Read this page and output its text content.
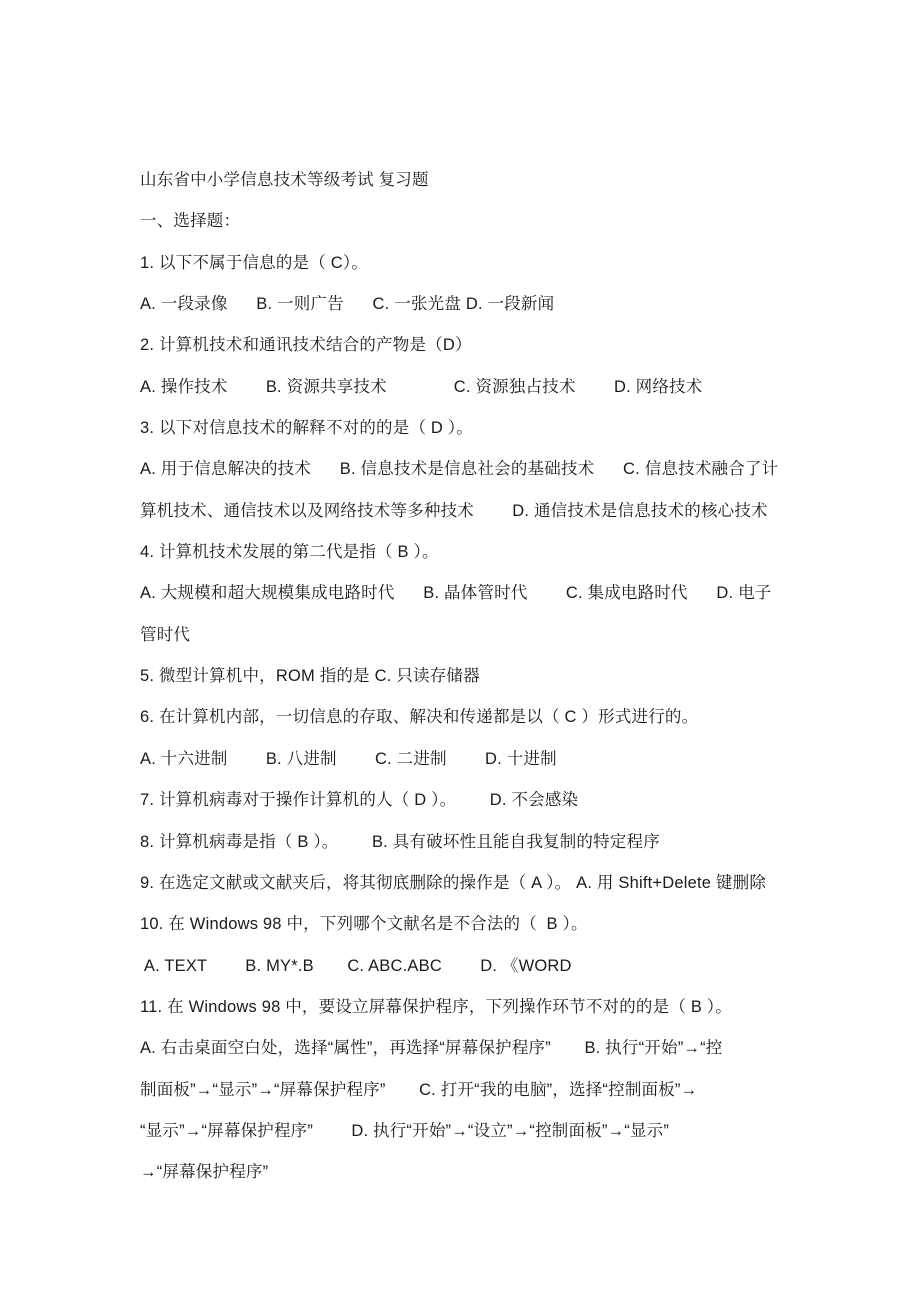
山东省中小学信息技术等级考试 复习题
一、选择题：
1. 以下不属于信息的是（ C）。
A. 一段录像      B. 一则广告      C. 一张光盘 D. 一段新闻
2. 计算机技术和通讯技术结合的产物是（D）
A. 操作技术        B. 资源共享技术              C. 资源独占技术        D. 网络技术
3. 以下对信息技术的解释不对的的是（ D ）。
A. 用于信息解决的技术      B. 信息技术是信息社会的基础技术      C. 信息技术融合了计
算机技术、通信技术以及网络技术等多种技术        D. 通信技术是信息技术的核心技术
4. 计算机技术发展的第二代是指（ B ）。
A. 大规模和超大规模集成电路时代      B. 晶体管时代        C. 集成电路时代      D. 电子
管时代
5. 微型计算机中，ROM 指的是 C. 只读存储器
6. 在计算机内部，一切信息的存取、解决和传递都是以（ C ）形式进行的。
A. 十六进制        B. 八进制        C. 二进制        D. 十进制
7. 计算机病毒对于操作计算机的人（ D ）。       D. 不会感染
8. 计算机病毒是指（ B ）。       B. 具有破坏性且能自我复制的特定程序
9. 在选定文献或文献夹后，将其彻底删除的操作是（ A ）。 A. 用 Shift+Delete 键删除
10. 在 Windows 98 中，下列哪个文献名是不合法的（  B ）。
A. TEXT        B. MY*.B       C. ABC.ABC        D. 《WORD
11. 在 Windows 98 中，要设立屏幕保护程序，下列操作环节不对的的是（ B ）。
A. 右击桌面空白处，选择“属性”，再选择“屏幕保护程序”       B. 执行“开始”→“控
制面板”→“显示”→“屏幕保护程序”       C. 打开“我的电脑”，选择“控制面板”→
“显示”→“屏幕保护程序”        D. 执行“开始”→“设立”→“控制面板”→“显示”
→“屏幕保护程序”
